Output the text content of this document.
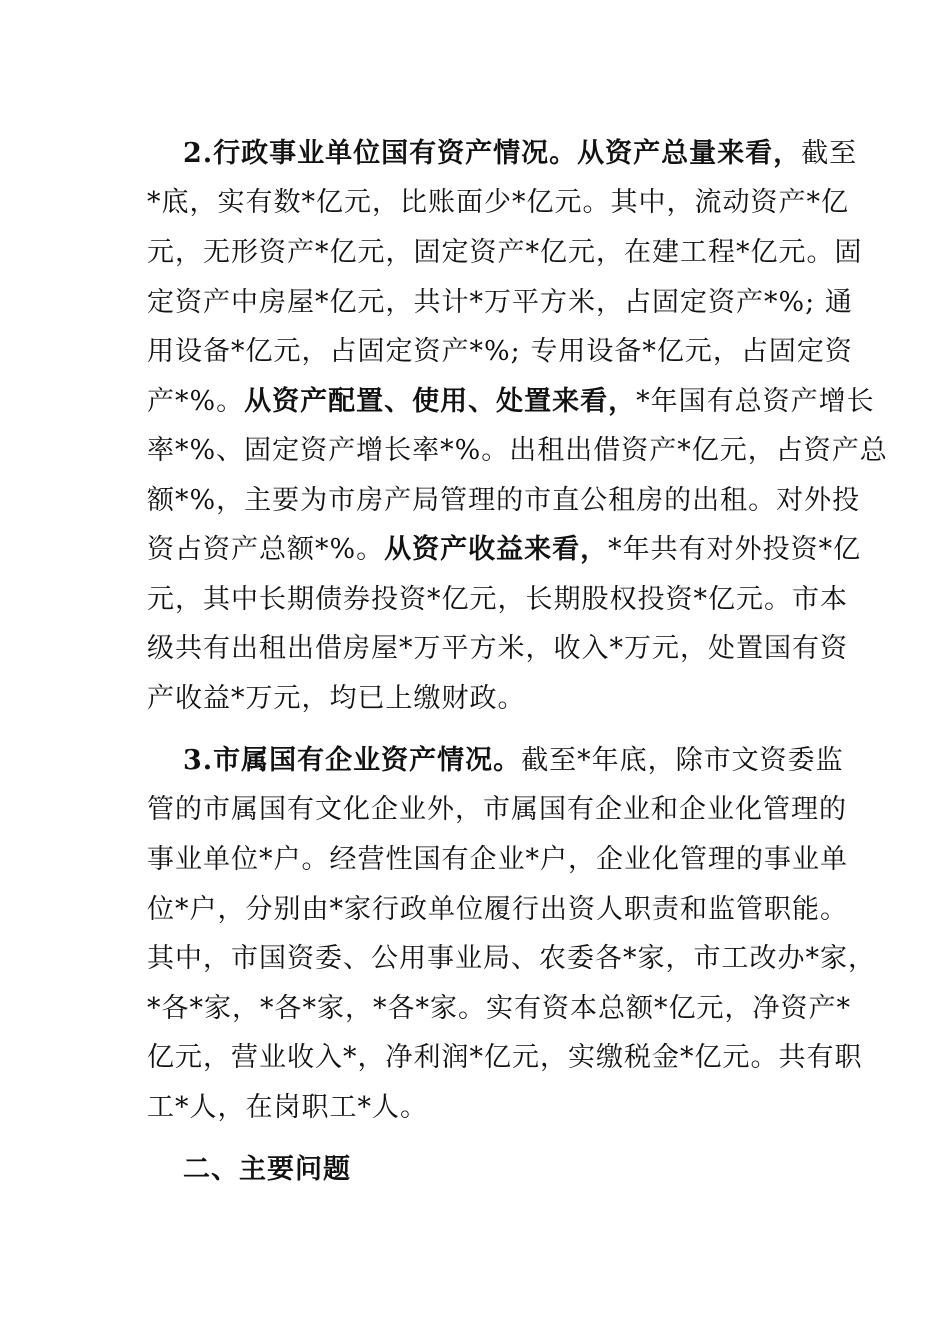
2.行政事业单位国有资产情况。从资产总量来看，截至
*底，实有数*亿元，比账面少*亿元。其中，流动资产*亿
元，无形资产*亿元，固定资产*亿元，在建工程*亿元。固
定资产中房屋*亿元，共计*万平方米，占固定资产*%; 通
用设备*亿元，占固定资产*%; 专用设备*亿元，占固定资
产*%。从资产配置、使用、处置来看，*年国有总资产增长
率*%、固定资产增长率*%。出租出借资产*亿元，占资产总
额*%，主要为市房产局管理的市直公租房的出租。对外投
资占资产总额*%。从资产收益来看，*年共有对外投资*亿
元，其中长期债券投资*亿元，长期股权投资*亿元。市本
级共有出租出借房屋*万平方米，收入*万元，处置国有资
产收益*万元，均已上缴财政。
3.市属国有企业资产情况。截至*年底，除市文资委监
管的市属国有文化企业外，市属国有企业和企业化管理的
事业单位*户。经营性国有企业*户，企业化管理的事业单
位*户，分别由*家行政单位履行出资人职责和监管职能。
其中，市国资委、公用事业局、农委各*家，市工改办*家，
*各*家，*各*家，*各*家。实有资本总额*亿元，净资产*
亿元，营业收入*，净利润*亿元，实缴税金*亿元。共有职
工*人，在岗职工*人。
二、主要问题
